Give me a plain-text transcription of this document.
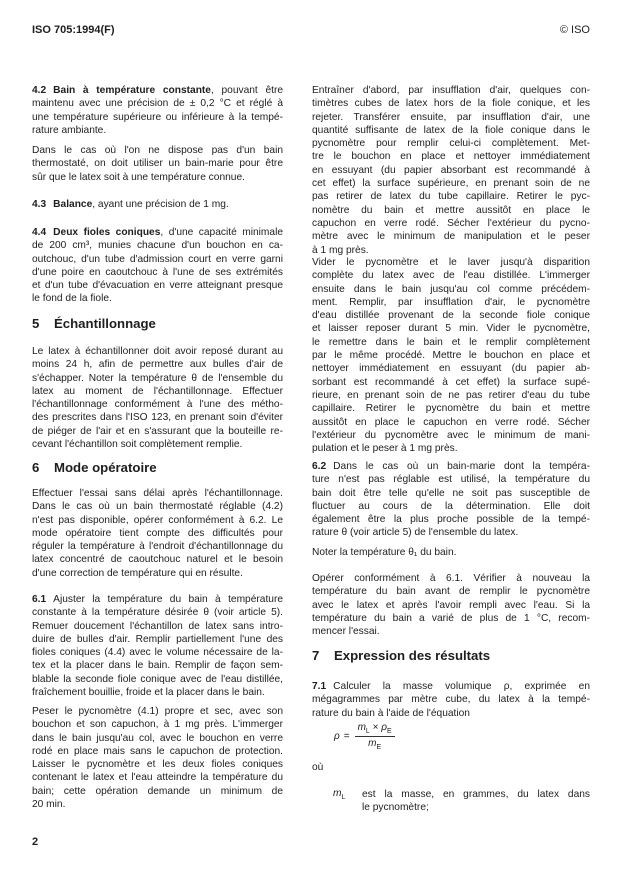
ISO 705:1994(F)	© ISO
4.2 Bain à température constante, pouvant être
maintenu avec une précision de ± 0,2 °C et réglé à
une température supérieure ou inférieure à la tempé-
rature ambiante.
Dans le cas où l'on ne dispose pas d'un bain
thermostaté, on doit utiliser un bain-marie pour être
sûr que le latex soit à une température connue.
4.3 Balance, ayant une précision de 1 mg.
4.4 Deux fioles coniques, d'une capacité minimale
de 200 cm³, munies chacune d'un bouchon en ca-
outchouc, d'un tube d'admission court en verre garni
d'une poire en caoutchouc à l'une de ses extrémités
et d'un tube d'évacuation en verre atteignant presque
le fond de la fiole.
5 Échantillonnage
Le latex à échantillonner doit avoir reposé durant au
moins 24 h, afin de permettre aux bulles d'air de
s'échapper. Noter la température θ de l'ensemble du
latex au moment de l'échantillonnage. Effectuer
l'échantillonnage conformément à l'une des métho-
des prescrites dans l'ISO 123, en prenant soin d'éviter
de piéger de l'air et en s'assurant que la bouteille re-
cevant l'échantillon soit complètement remplie.
6 Mode opératoire
Effectuer l'essai sans délai après l'échantillonnage.
Dans le cas où un bain thermostaté réglable (4.2)
n'est pas disponible, opérer conformément à 6.2. Le
mode opératoire tient compte des difficultés pour
réguler la température à l'endroit d'échantillonnage du
latex concentré de caoutchouc naturel et le besoin
d'une correction de température qui en résulte.
6.1 Ajuster la température du bain à température
constante à la température désirée θ (voir article 5).
Remuer doucement l'échantillon de latex sans intro-
duire de bulles d'air. Remplir partiellement l'une des
fioles coniques (4.4) avec le volume nécessaire de la-
tex et la placer dans le bain. Remplir de façon sem-
blable la seconde fiole conique avec de l'eau distillée,
fraîchement bouillie, froide et la placer dans le bain.
Peser le pycnomètre (4.1) propre et sec, avec son
bouchon et son capuchon, à 1 mg près. L'immerger
dans le bain jusqu'au col, avec le bouchon en verre
rodé en place mais sans le capuchon de protection.
Laisser le pycnomètre et les deux fioles coniques
contenant le latex et l'eau atteindre la température du
bain; cette opération demande un minimum de
20 min.
2
Entraîner d'abord, par insufflation d'air, quelques con-
timètres cubes de latex hors de la fiole conique, et les
rejeter. Transférer ensuite, par insufflation d'air, une
quantité suffisante de latex de la fiole conique dans le
pycnomètre pour remplir celui-ci complètement. Met-
tre le bouchon en place et nettoyer immédiatement
en essuyant (du papier absorbant est recommandé à
cet effet) la surface supérieure, en prenant soin de ne
pas retirer de latex du tube capillaire. Retirer le pyc-
nomètre du bain et mettre aussitôt en place le
capuchon en verre rodé. Sécher l'extérieur du pycno-
mètre avec le minimum de manipulation et le peser
à 1 mg près.
Vider le pycnomètre et le laver jusqu'à disparition
complète du latex avec de l'eau distillée. L'immerger
ensuite dans le bain jusqu'au col comme précédem-
ment. Remplir, par insufflation d'air, le pycnomètre
d'eau distillée provenant de la seconde fiole conique
et laisser reposer durant 5 min. Vider le pycnomètre,
le remettre dans le bain et le remplir complètement
par le même procédé. Mettre le bouchon en place et
nettoyer immédiatement en essuyant (du papier ab-
sorbant est recommandé à cet effet) la surface supé-
rieure, en prenant soin de ne pas retirer d'eau du tube
capillaire. Retirer le pycnomètre du bain et mettre
aussitôt en place le capuchon en verre rodé. Sécher
l'extérieur du pycnomètre avec le minimum de mani-
pulation et le peser à 1 mg près.
6.2 Dans le cas où un bain-marie dont la tempéra-
ture n'est pas réglable est utilisé, la température du
bain doit être telle qu'elle ne soit pas susceptible de
fluctuer au cours de la détermination. Elle doit
également être la plus proche possible de la tempé-
rature θ (voir article 5) de l'ensemble du latex.
Noter la température θ₁ du bain.
Opérer conformément à 6.1. Vérifier à nouveau la
température du bain avant de remplir le pycnomètre
avec le latex et après l'avoir rempli avec l'eau. Si la
température du bain a varié de plus de 1 °C, recom-
mencer l'essai.
7 Expression des résultats
7.1 Calculer la masse volumique ρ, exprimée en
mégagrammes par mètre cube, du latex à la tempé-
rature du bain à l'aide de l'équation
$\rho = \frac{m_L \times \rho_E}{m_E}$
où
$m_L$ est la masse, en grammes, du latex dans
le pycnomètre;
